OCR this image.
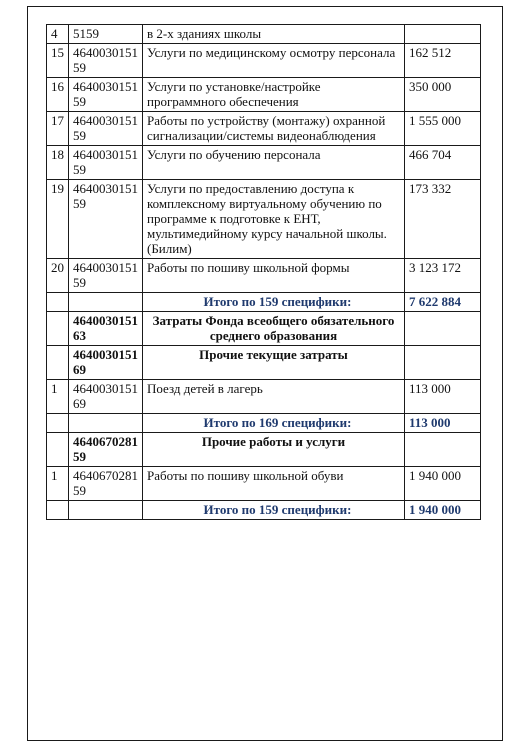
4	5159	в 2-х зданиях школы	
15	464003015159	Услуги по медицинскому осмотру персонала	162 512
16	464003015159	Услуги по установке/настройке программного обеспечения	350 000
17	464003015159	Работы по устройству (монтажу) охранной сигнализации/системы видеонаблюдения	1 555 000
18	464003015159	Услуги по обучению персонала	466 704
19	464003015159	Услуги по предоставлению доступа к комплексному виртуальному обучению по программе к подготовке к ЕНТ, мультимедийному курсу начальной школы. (Билим)	173 332
20	464003015159	Работы по пошиву школьной формы	3 123 172
		Итого по 159 специфики:	7 622 884
	464003015163	Затраты Фонда всеобщего обязательного среднего образования	
	464003015169	Прочие текущие затраты	
1	464003015169	Поезд детей в лагерь	113 000
		Итого по 169 специфики:	113 000
	464067028159	Прочие работы и услуги	
1	464067028159	Работы по пошиву школьной обуви	1 940 000
		Итого по 159 специфики:	1 940 000
